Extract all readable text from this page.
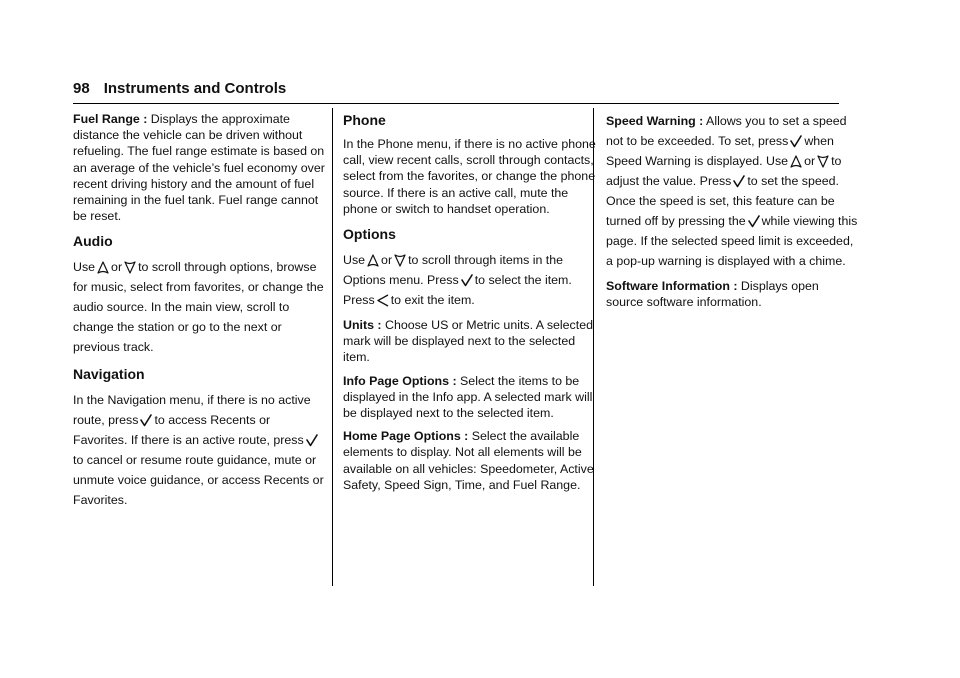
98 Instruments and Controls

Fuel Range : Displays the approximate distance the vehicle can be driven without refueling. The fuel range estimate is based on an average of the vehicle’s fuel economy over recent driving history and the amount of fuel remaining in the fuel tank. Fuel range cannot be reset.

Audio

Use or to scroll through options, browse for music, select from favorites, or change the audio source. In the main view, scroll to change the station or go to the next or previous track.

Navigation

In the Navigation menu, if there is no active route, press to access Recents or Favorites. If there is an active route, press
to cancel or resume route guidance, mute or unmute voice guidance, or access Recents or Favorites.

Phone

In the Phone menu, if there is no active phone call, view recent calls, scroll through contacts, select from the favorites, or change the phone source. If there is an active call, mute the phone or switch to handset operation.

Options

Use or to scroll through items in the Options menu. Press to select the item. Press to exit the item.

Units : Choose US or Metric units. A selected mark will be displayed next to the selected item.

Info Page Options : Select the items to be displayed in the Info app. A selected mark will be displayed next to the selected item.

Home Page Options : Select the available elements to display. Not all elements will be available on all vehicles: Speedometer, Active Safety, Speed Sign, Time, and Fuel Range.

Speed Warning : Allows you to set a speed not to be exceeded. To set, press when Speed Warning is displayed. Use or to adjust the value. Press to set the speed. Once the speed is set, this feature can be turned off by pressing the while viewing this page. If the selected speed limit is exceeded, a pop-up warning is displayed with a chime.

Software Information : Displays open source software information.
